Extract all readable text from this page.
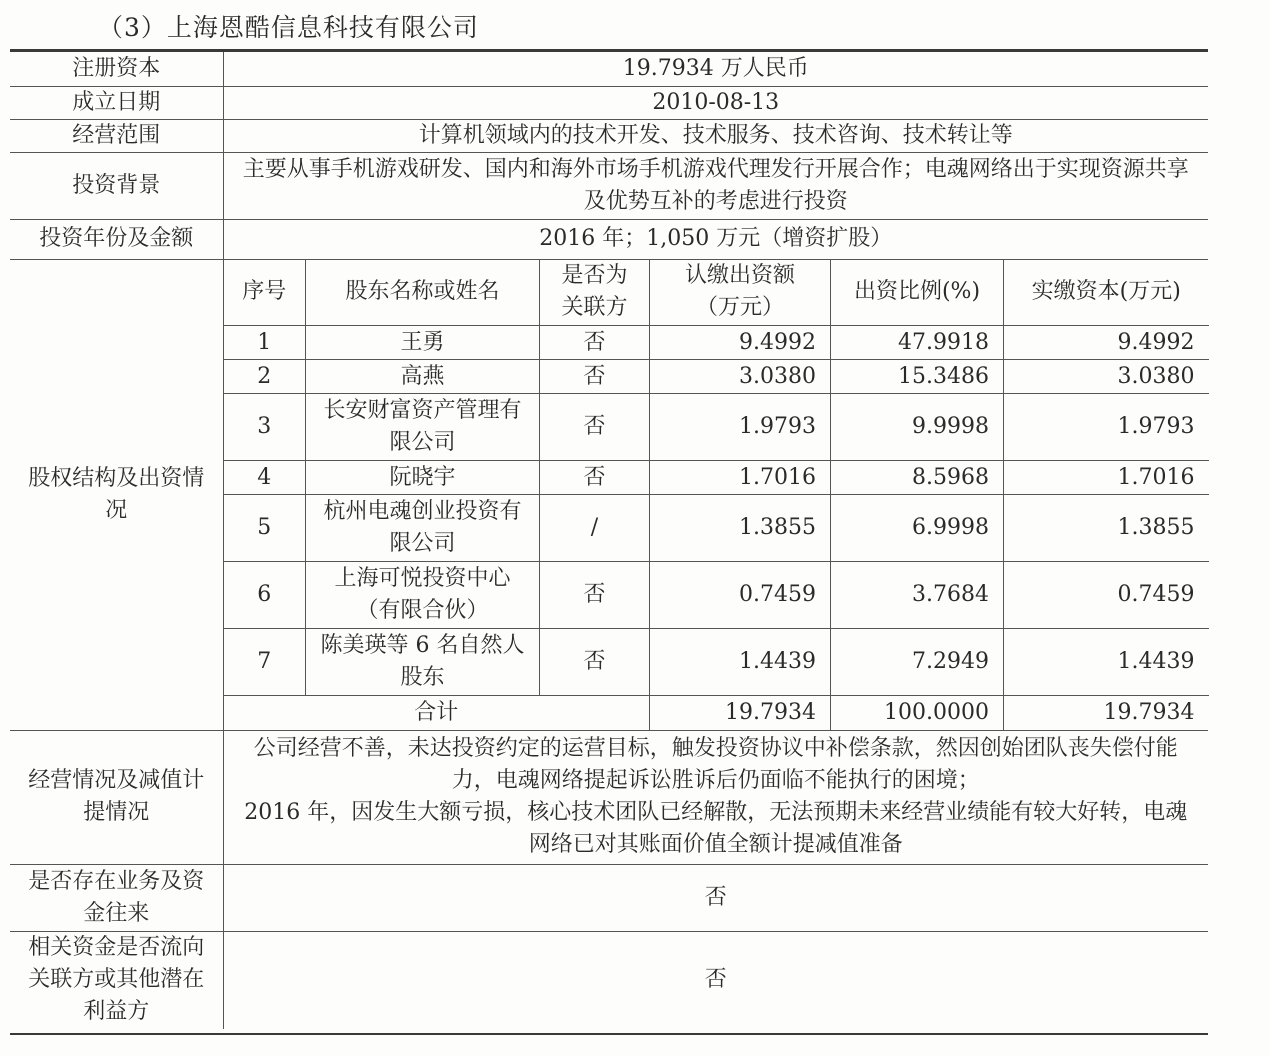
（3）上海恩酷信息科技有限公司
注册资本	19.7934 万人民币
成立日期	2010-08-13
经营范围	计算机领域内的技术开发、技术服务、技术咨询、技术转让等
投资背景	主要从事手机游戏研发、国内和海外市场手机游戏代理发行开展合作；电魂网络出于实现资源共享及优势互补的考虑进行投资
投资年份及金额	2016 年；1,050 万元（增资扩股）
股权结构及出资情况	
序号	股东名称或姓名	是否为关联方	认缴出资额（万元）	出资比例(%)	实缴资本(万元)
1	王勇	否	9.4992	47.9918	9.4992
2	高燕	否	3.0380	15.3486	3.0380
3	长安财富资产管理有限公司	否	1.9793	9.9998	1.9793
4	阮晓宇	否	1.7016	8.5968	1.7016
5	杭州电魂创业投资有限公司	/	1.3855	6.9998	1.3855
6	上海可悦投资中心（有限合伙）	否	0.7459	3.7684	0.7459
7	陈美瑛等 6 名自然人股东	否	1.4439	7.2949	1.4439
合计	19.7934	100.0000	19.7934

经营情况及减值计提情况	
公司经营不善，未达投资约定的运营目标，触发投资协议中补偿条款，然因创始团队丧失偿付能力，电魂网络提起诉讼胜诉后仍面临不能执行的困境；
2016 年，因发生大额亏损，核心技术团队已经解散，无法预期未来经营业绩能有较大好转，电魂网络已对其账面价值全额计提减值准备

是否存在业务及资金往来	否
相关资金是否流向关联方或其他潜在利益方	否
